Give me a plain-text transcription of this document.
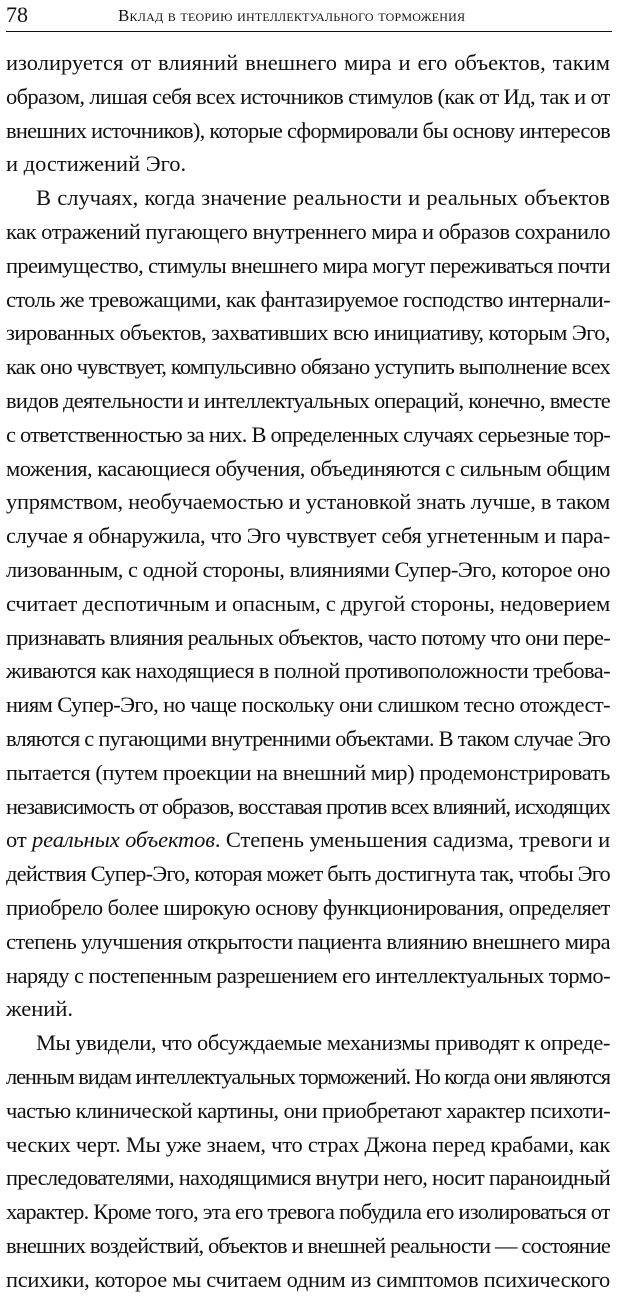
78	Вклад в теорию интеллектуального торможения
изолируется от влияний внешнего мира и его объектов, таким
образом, лишая себя всех источников стимулов (как от Ид, так и от
внешних источников), которые сформировали бы основу интересов
и достижений Эго.
В случаях, когда значение реальности и реальных объектов
как отражений пугающего внутреннего мира и образов сохранило
преимущество, стимулы внешнего мира могут переживаться почти
столь же тревожащими, как фантазируемое господство интернали-
зированных объектов, захвативших всю инициативу, которым Эго,
как оно чувствует, компульсивно обязано уступить выполнение всех
видов деятельности и интеллектуальных операций, конечно, вместе
с ответственностью за них. В определенных случаях серьезные тор-
можения, касающиеся обучения, объединяются с сильным общим
упрямством, необучаемостью и установкой знать лучше, в таком
случае я обнаружила, что Эго чувствует себя угнетенным и пара-
лизованным, с одной стороны, влияниями Супер-Эго, которое оно
считает деспотичным и опасным, с другой стороны, недоверием
признавать влияния реальных объектов, часто потому что они пере-
живаются как находящиеся в полной противоположности требова-
ниям Супер-Эго, но чаще поскольку они слишком тесно отождест-
вляются с пугающими внутренними объектами. В таком случае Эго
пытается (путем проекции на внешний мир) продемонстрировать
независимость от образов, восставая против всех влияний, исходящих
от реальных объектов. Степень уменьшения садизма, тревоги и
действия Супер-Эго, которая может быть достигнута так, чтобы Эго
приобрело более широкую основу функционирования, определяет
степень улучшения открытости пациента влиянию внешнего мира
наряду с постепенным разрешением его интеллектуальных тормо-
жений.
Мы увидели, что обсуждаемые механизмы приводят к опреде-
ленным видам интеллектуальных торможений. Но когда они являются
частью клинической картины, они приобретают характер психоти-
ческих черт. Мы уже знаем, что страх Джона перед крабами, как
преследователями, находящимися внутри него, носит параноидный
характер. Кроме того, эта его тревога побудила его изолироваться от
внешних воздействий, объектов и внешней реальности — состояние
психики, которое мы считаем одним из симптомов психического
